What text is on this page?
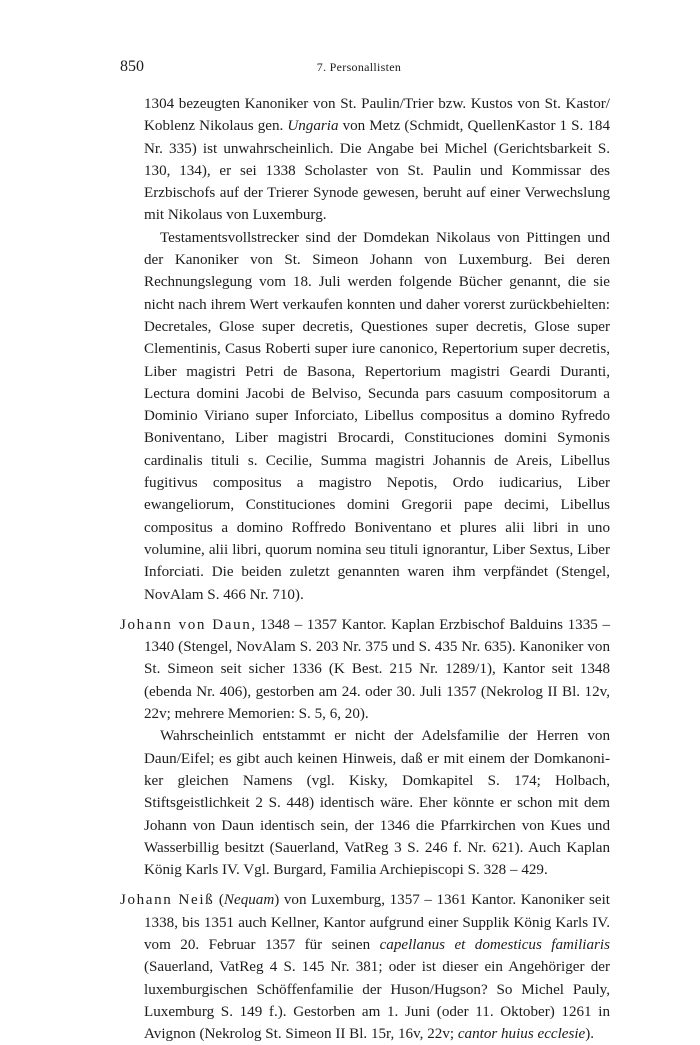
850	7. Personallisten

1304 bezeugten Kanoniker von St. Paulin/Trier bzw. Kustos von St. Kastor/ Koblenz Nikolaus gen. Ungaria von Metz (Schmidt, QuellenKastor 1 S. 184 Nr. 335) ist unwahrscheinlich. Die Angabe bei Michel (Gerichtsbarkeit S. 130, 134), er sei 1338 Scholaster von St. Paulin und Kommissar des Erzbischofs auf der Trierer Synode gewesen, beruht auf einer Verwechslung mit Nikolaus von Luxemburg.

Testamentsvollstrecker sind der Domdekan Nikolaus von Pittingen und der Kanoniker von St. Simeon Johann von Luxemburg. Bei deren Rechnungslegung vom 18. Juli werden folgende Bücher genannt, die sie nicht nach ihrem Wert verkaufen konnten und daher vorerst zurückbehielten: Decretales, Glose super decretis, Questiones super decretis, Glose super Clementinis, Casus Roberti super iure canonico, Repertorium super decretis, Liber magistri Petri de Basona, Repertorium magistri Geardi Duranti, Lectura domini Jacobi de Belviso, Secunda pars casuum compositorum a Dominio Viriano super Inforciato, Libellus compositus a domino Ryfredo Boniventano, Liber magistri Brocardi, Constituciones domini Symonis cardinalis tituli s. Cecilie, Summa magistri Johannis de Areis, Libellus fugitivus compositus a magistro Nepotis, Ordo iudicarius, Liber ewangeliorum, Constituciones domini Gregorii pape decimi, Libellus compositus a domino Roffredo Boniventano et plures alii libri in uno volumine, alii libri, quorum nomina seu tituli ignorantur, Liber Sextus, Liber Inforciati. Die beiden zuletzt genannten waren ihm verpfändet (Stengel, NovAlam S. 466 Nr. 710).

Johann von Daun, 1348 – 1357 Kantor. Kaplan Erzbischof Balduins 1335 – 1340 (Stengel, NovAlam S. 203 Nr. 375 und S. 435 Nr. 635). Kanoniker von St. Simeon seit sicher 1336 (K Best. 215 Nr. 1289/1), Kantor seit 1348 (ebenda Nr. 406), gestorben am 24. oder 30. Juli 1357 (Nekrolog II Bl. 12v, 22v; mehrere Memorien: S. 5, 6, 20).

Wahrscheinlich entstammt er nicht der Adelsfamilie der Herren von Daun/Eifel; es gibt auch keinen Hinweis, daß er mit einem der Domkanoniker gleichen Namens (vgl. Kisky, Domkapitel S. 174; Holbach, Stiftsgeistlichkeit 2 S. 448) identisch wäre. Eher könnte er schon mit dem Johann von Daun identisch sein, der 1346 die Pfarrkirchen von Kues und Wasserbillig besitzt (Sauerland, VatReg 3 S. 246 f. Nr. 621). Auch Kaplan König Karls IV. Vgl. Burgard, Familia Archiepiscopi S. 328 – 429.

Johann Neiß (Nequam) von Luxemburg, 1357 – 1361 Kantor. Kanoniker seit 1338, bis 1351 auch Kellner, Kantor aufgrund einer Supplik König Karls IV. vom 20. Februar 1357 für seinen capellanus et domesticus familiaris (Sauerland, VatReg 4 S. 145 Nr. 381; oder ist dieser ein Angehöriger der luxemburgischen Schöffenfamilie der Huson/Hugson? So Michel Pauly, Luxemburg S. 149 f.). Gestorben am 1. Juni (oder 11. Oktober) 1261 in Avignon (Nekrolog St. Simeon II Bl. 15r, 16v, 22v; cantor huius ecclesie).
